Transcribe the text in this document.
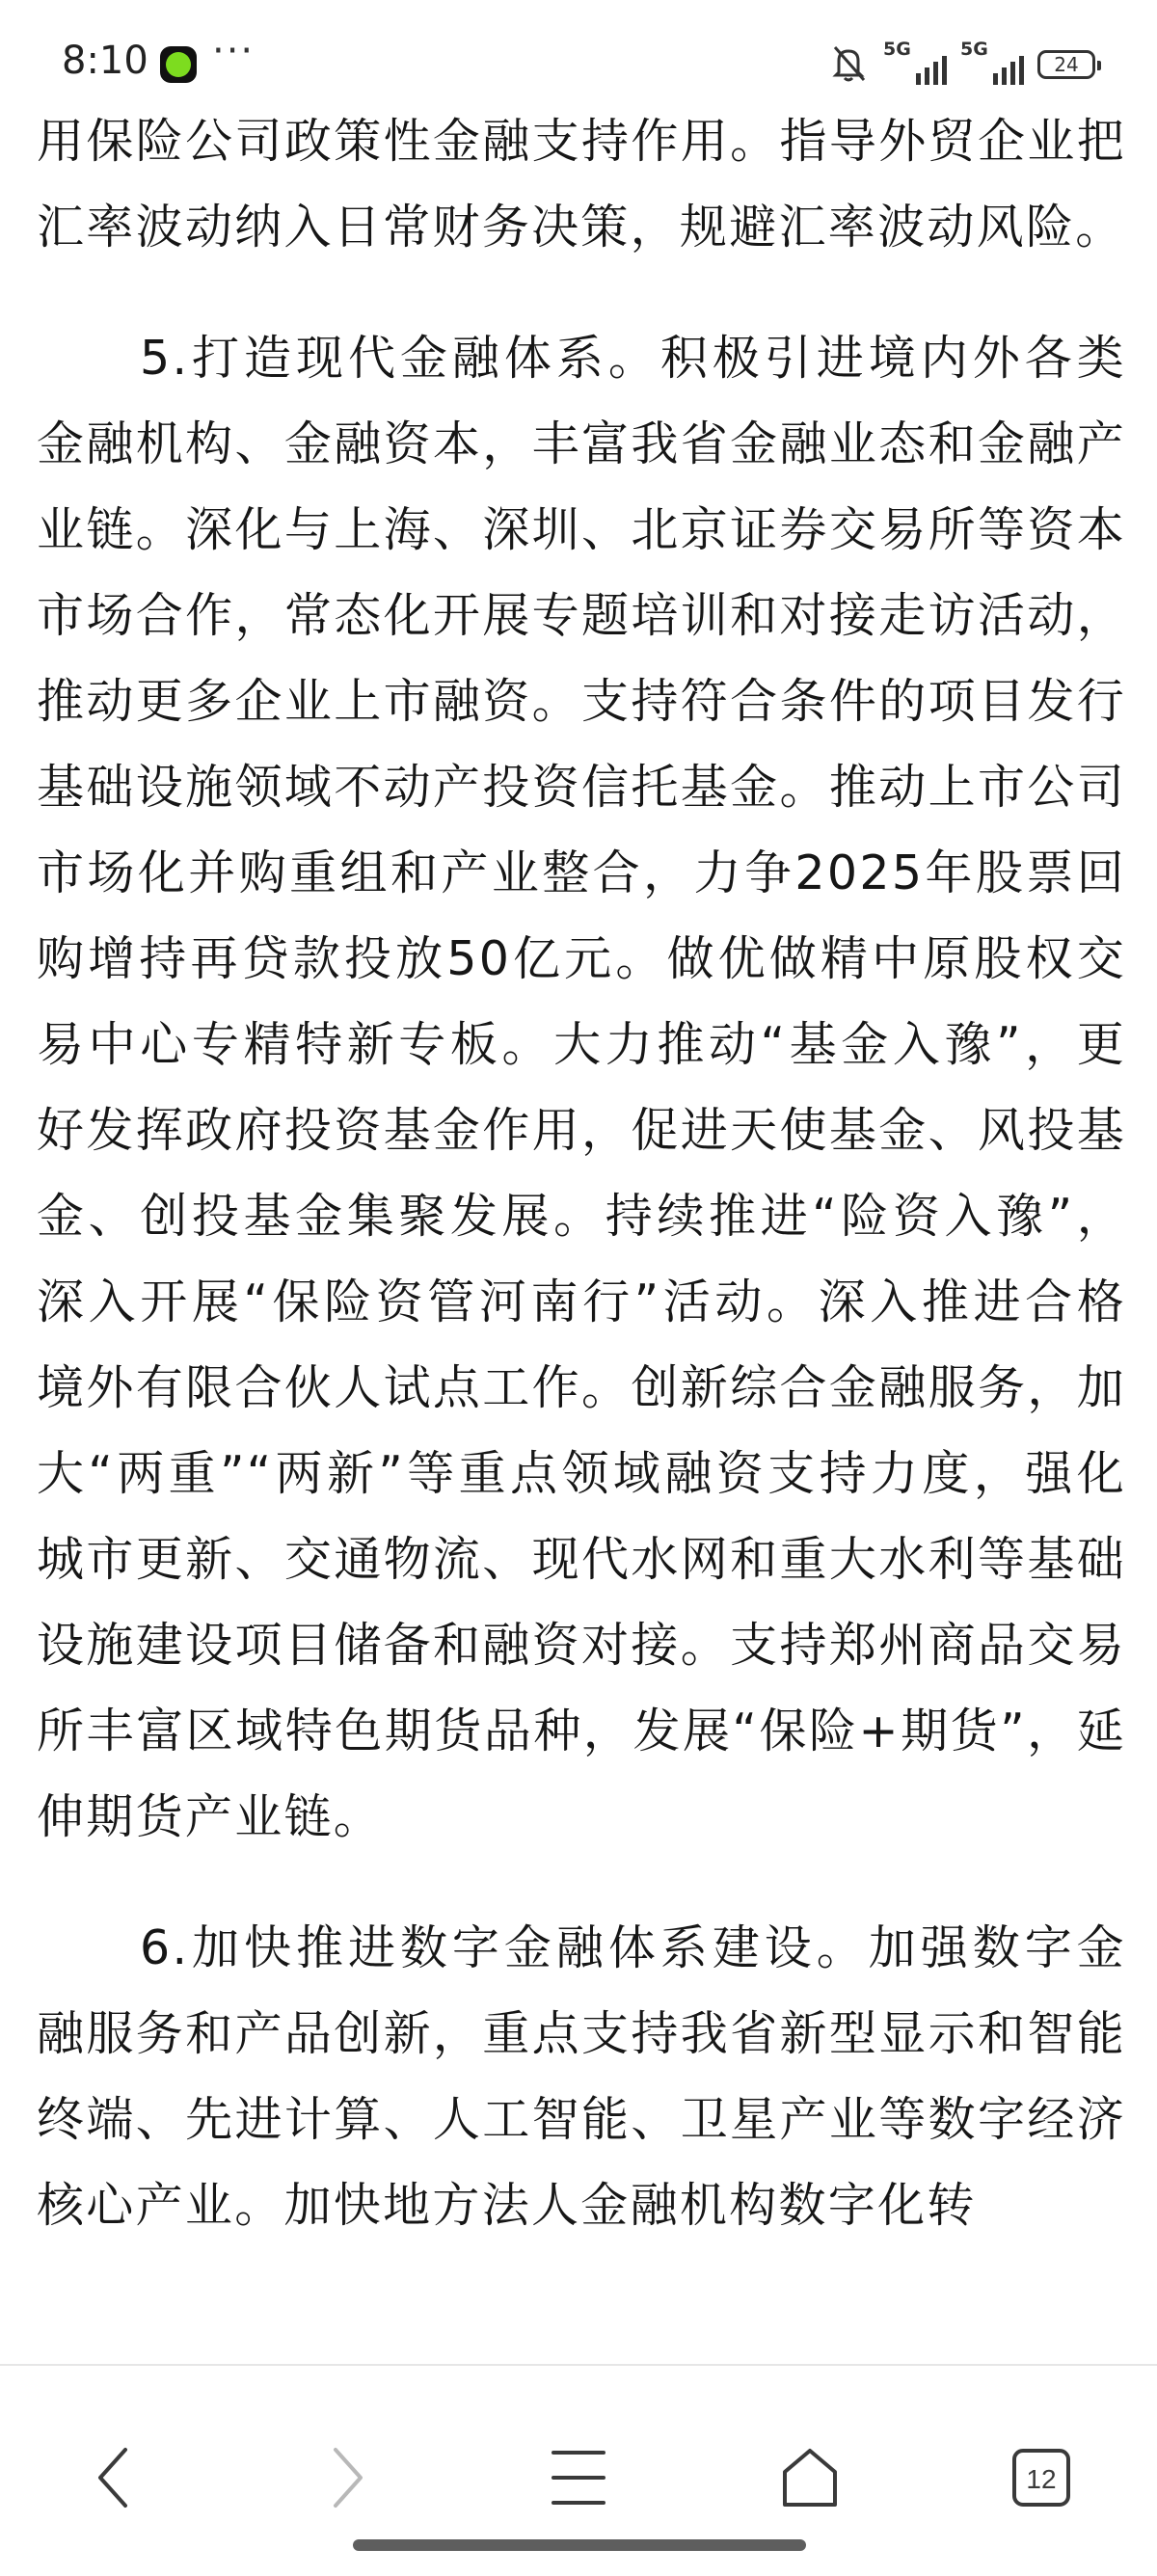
8:10 ···	5G	5G
24

用保险公司政策性金融支持作用。指导外贸企业把汇率波动纳入日常财务决策，规避汇率波动风险。

5.打造现代金融体系。积极引进境内外各类金融机构、金融资本，丰富我省金融业态和金融产业链。深化与上海、深圳、北京证券交易所等资本市场合作，常态化开展专题培训和对接走访活动，推动更多企业上市融资。支持符合条件的项目发行基础设施领域不动产投资信托基金。推动上市公司市场化并购重组和产业整合，力争2025年股票回购增持再贷款投放50亿元。做优做精中原股权交易中心专精特新专板。大力推动“基金入豫”，更好发挥政府投资基金作用，促进天使基金、风投基金、创投基金集聚发展。持续推进“险资入豫”，深入开展“保险资管河南行”活动。深入推进合格境外有限合伙人试点工作。创新综合金融服务，加大“两重”“两新”等重点领域融资支持力度，强化城市更新、交通物流、现代水网和重大水利等基础设施建设项目储备和融资对接。支持郑州商品交易所丰富区域特色期货品种，发展“保险+期货”，延伸期货产业链。

6.加快推进数字金融体系建设。加强数字金融服务和产品创新，重点支持我省新型显示和智能终端、先进计算、人工智能、卫星产业等数字经济核心产业。加快地方法人金融机构数字化转

12
